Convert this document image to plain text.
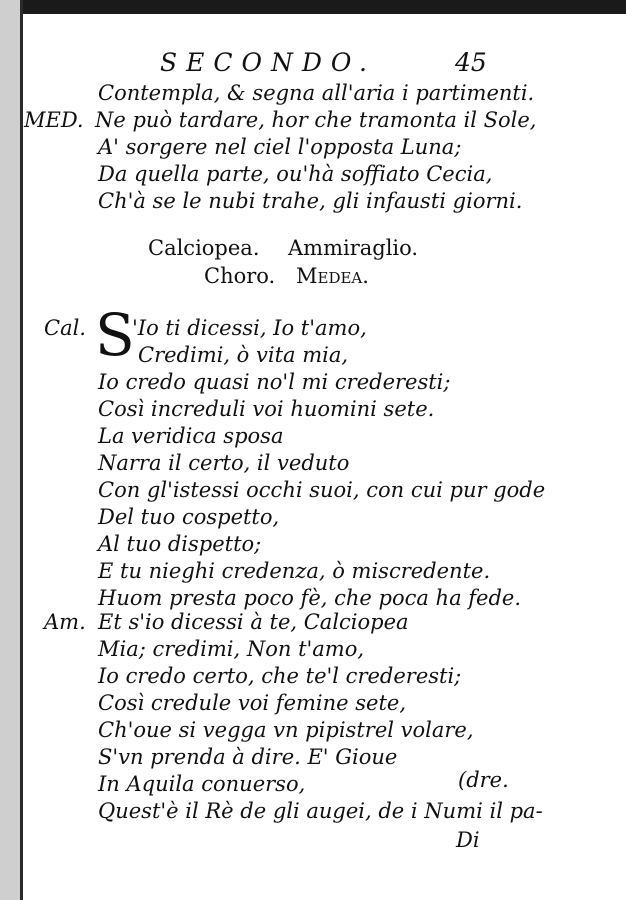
SECONDO.	45
Contempla, & segna all'aria i partimenti.
MED. Ne può tardare, hor che tramonta il Sole,
A' sorgere nel ciel l'opposta Luna;
Da quella parte, ou'hà soffiato Cecia,
Ch'à se le nubi trahe, gli infausti giorni.
Calciopea. Ammiraglio.
Choro. Medea.
Cal. S
'Io ti dicessi, Io t'amo,
Credimi, ò vita mia,
Io credo quasi no'l mi crederesti;
Così increduli voi huomini sete.
La veridica sposa
Narra il certo, il veduto
Con gl'istessi occhi suoi, con cui pur gode
Del tuo cospetto,
Al tuo dispetto;
E tu nieghi credenza, ò miscredente.
Huom presta poco fè, che poca ha fede.
Am. Et s'io dicessi à te, Calciopea
Mia; credimi, Non t'amo,
Io credo certo, che te'l crederesti;
Così credule voi femine sete,
Ch'oue si vegga vn pipistrel volare,
S'vn prenda à dire. E' Gioue
In Aquila conuerso,	(dre.
Quest'è il Rè de gli augei, de i Numi il pa-
Di
